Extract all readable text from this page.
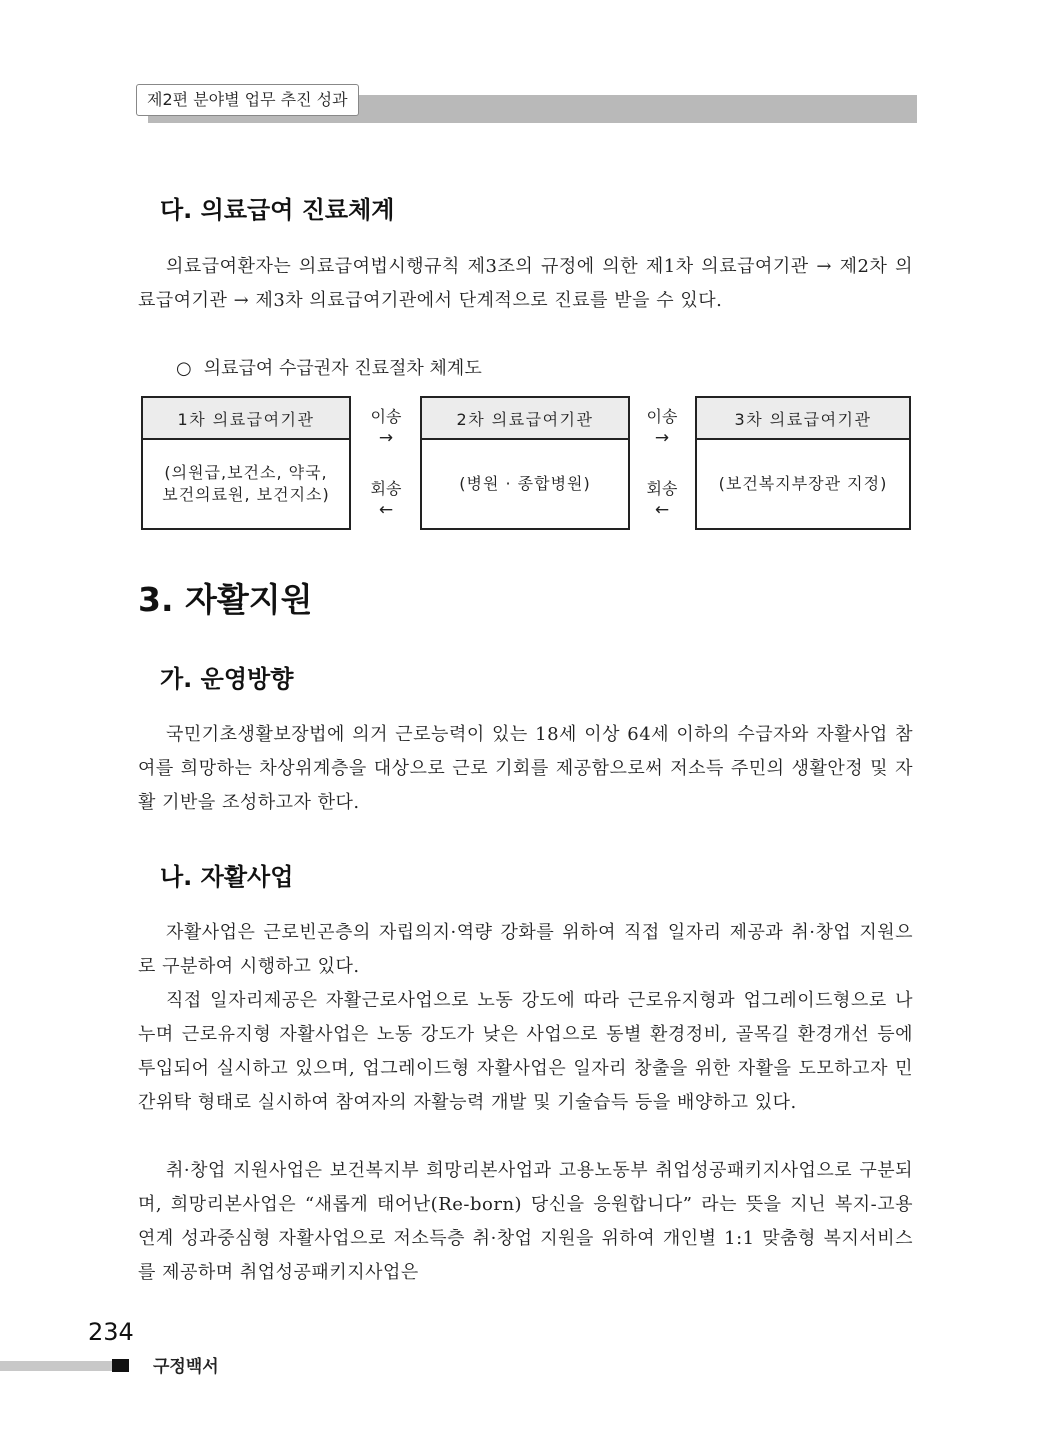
제2편 분야별 업무 추진 성과
다. 의료급여 진료체계

의료급여환자는 의료급여법시행규칙 제3조의 규정에 의한 제1차 의료급여기관 → 제2차 의료급여기관 → 제3차 의료급여기관에서 단계적으로 진료를 받을 수 있다.

○ 의료급여 수급권자 진료절차 체계도

1차 의료급여기관
(의원급,보건소, 약국,
보건의료원, 보건지소)
이송
→
회송
←
2차 의료급여기관
(병원 · 종합병원)
이송
→
회송
←
3차 의료급여기관
(보건복지부장관 지정)
3. 자활지원
가. 운영방향

국민기초생활보장법에 의거 근로능력이 있는 18세 이상 64세 이하의 수급자와 자활사업 참여를 희망하는 차상위계층을 대상으로 근로 기회를 제공함으로써 저소득 주민의 생활안정 및 자활 기반을 조성하고자 한다.

나. 자활사업

자활사업은 근로빈곤층의 자립의지·역량 강화를 위하여 직접 일자리 제공과 취·창업 지원으로 구분하여 시행하고 있다.

직접 일자리제공은 자활근로사업으로 노동 강도에 따라 근로유지형과 업그레이드형으로 나누며 근로유지형 자활사업은 노동 강도가 낮은 사업으로 동별 환경정비, 골목길 환경개선 등에 투입되어 실시하고 있으며, 업그레이드형 자활사업은 일자리 창출을 위한 자활을 도모하고자 민간위탁 형태로 실시하여 참여자의 자활능력 개발 및 기술습득 등을 배양하고 있다.

취·창업 지원사업은 보건복지부 희망리본사업과 고용노동부 취업성공패키지사업으로 구분되며, 희망리본사업은 “새롭게 태어난(Re-born) 당신을 응원합니다” 라는 뜻을 지닌 복지-고용 연계 성과중심형 자활사업으로 저소득층 취·창업 지원을 위하여 개인별 1:1 맞춤형 복지서비스를 제공하며 취업성공패키지사업은

234
구정백서
